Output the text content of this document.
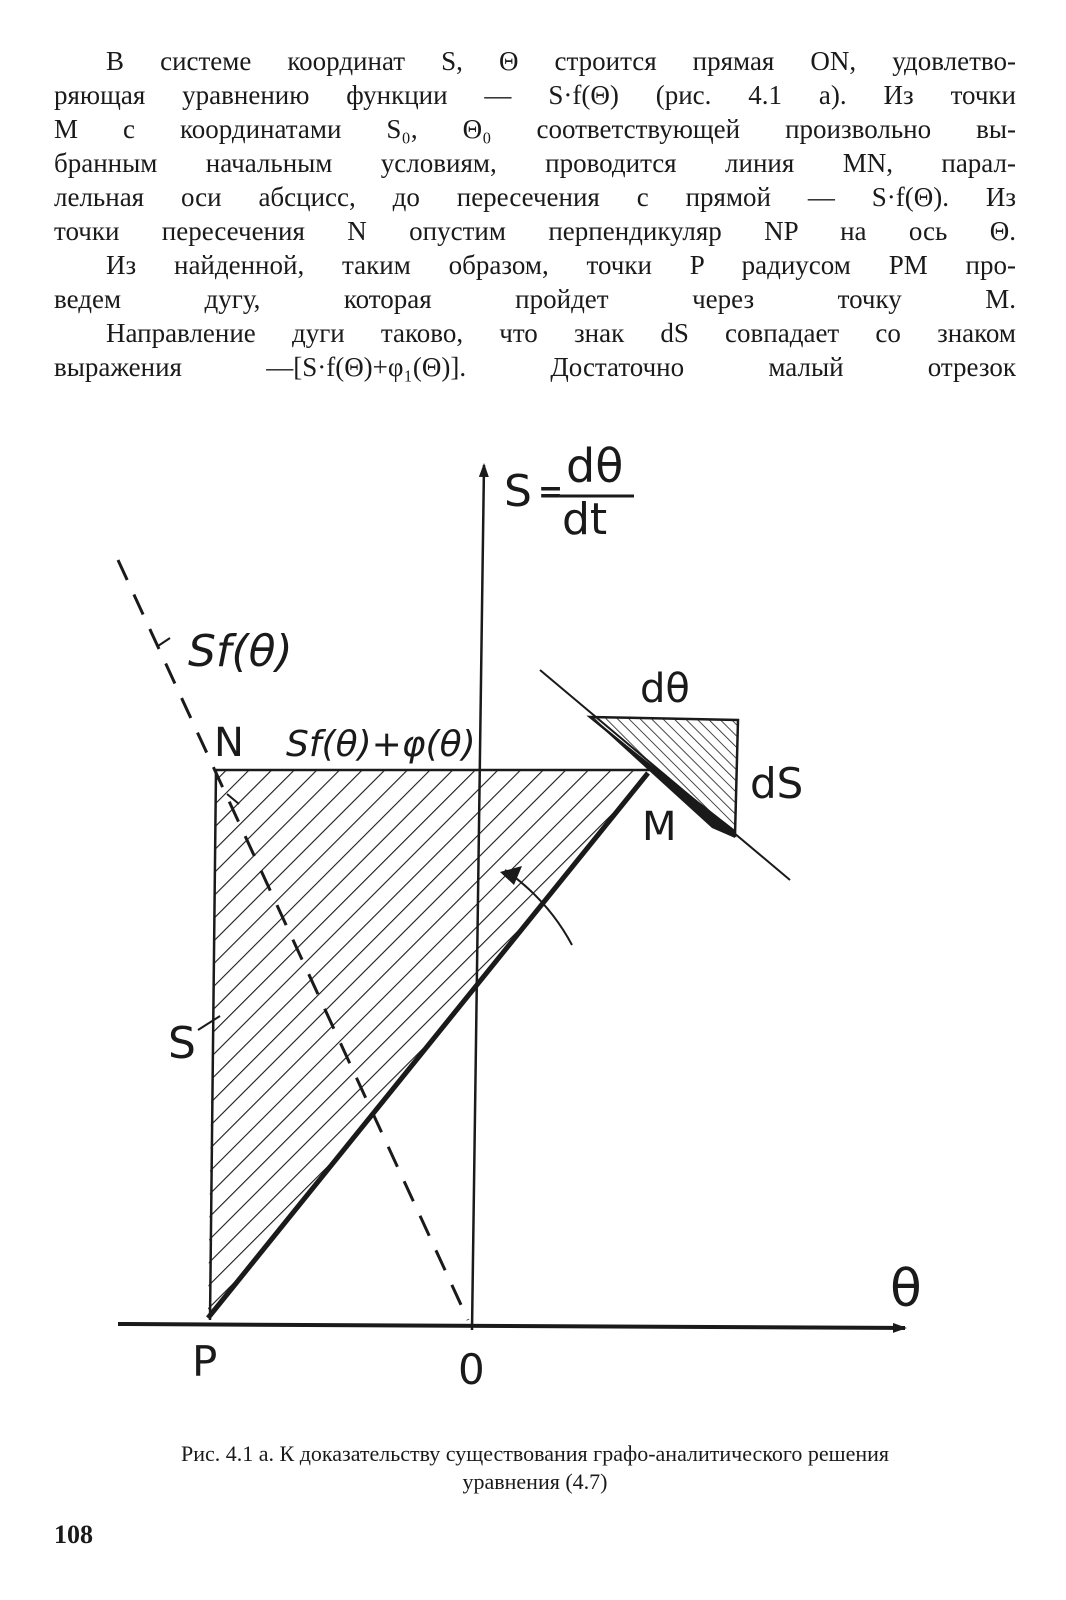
В системе координат S, Θ строится прямая ON, удовлетво-
ряющая уравнению функции — S·f(Θ) (рис. 4.1 а). Из точки
M с координатами S₀, Θ₀ соответствующей произвольно вы-
бранным начальным условиям, проводится линия MN, парал-
лельная оси абсцисс, до пересечения с прямой — S·f(Θ). Из
точки пересечения N опустим перпендикуляр NP на ось Θ.
Из найденной, таким образом, точки P радиусом PM про-
ведем дугу, которая пройдет через точку M.
Направление дуги таково, что знак dS совпадает со знаком
выражения —[S·f(Θ)+φ₁(Θ)]. Достаточно малый отрезок
S = dθ
dt
Sf(θ)
N Sf(θ)+φ(θ)
dθ
dS
M
S
θ
P	0
Рис. 4.1 а. К доказательству существования графо-аналитического решения
уравнения (4.7)
108
